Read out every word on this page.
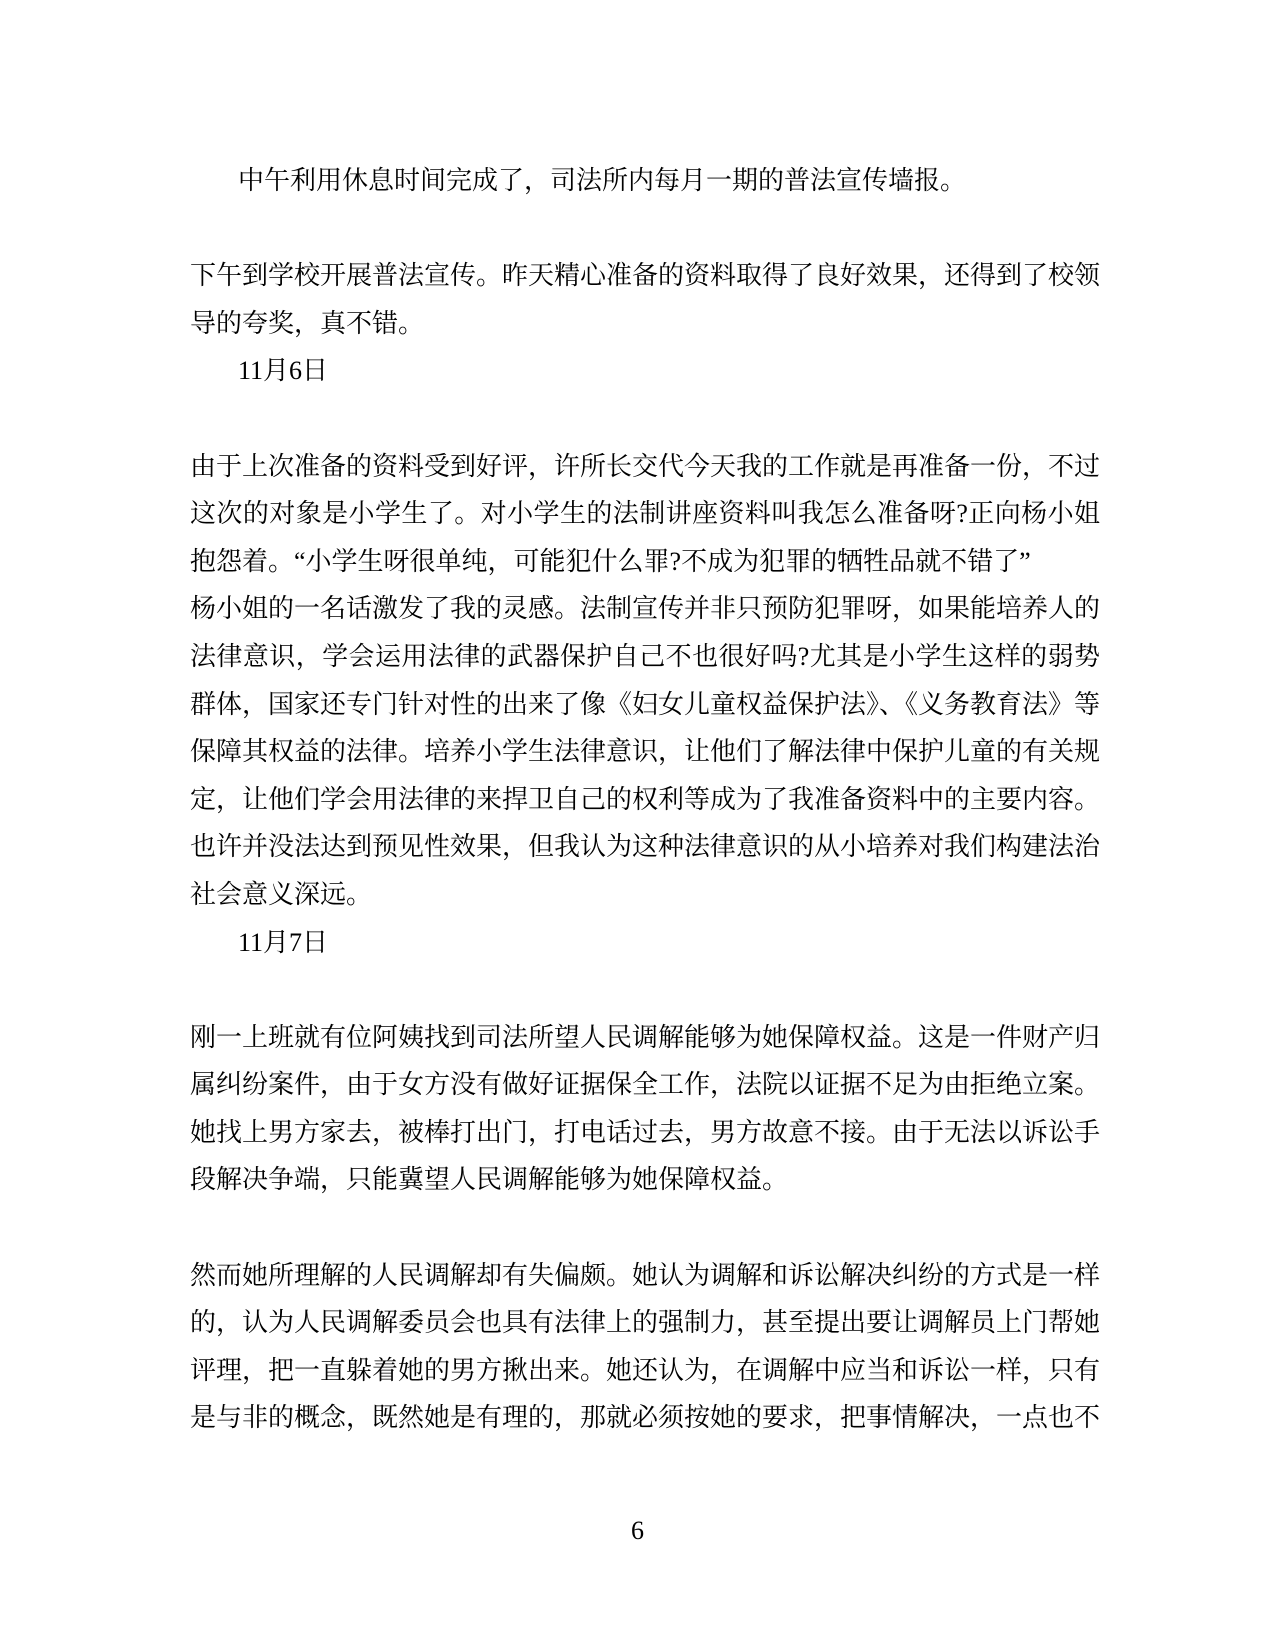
中午利用休息时间完成了，司法所内每月一期的普法宣传墙报。

下午到学校开展普法宣传。昨天精心准备的资料取得了良好效果，还得到了校领导的夸奖，真不错。

11月6日

由于上次准备的资料受到好评，许所长交代今天我的工作就是再准备一份，不过这次的对象是小学生了。对小学生的法制讲座资料叫我怎么准备呀?正向杨小姐抱怨着。“小学生呀很单纯，可能犯什么罪?不成为犯罪的牺牲品就不错了”

杨小姐的一名话激发了我的灵感。法制宣传并非只预防犯罪呀，如果能培养人的法律意识，学会运用法律的武器保护自己不也很好吗?尤其是小学生这样的弱势群体，国家还专门针对性的出来了像《妇女儿童权益保护法》、《义务教育法》等保障其权益的法律。培养小学生法律意识，让他们了解法律中保护儿童的有关规定，让他们学会用法律的来捍卫自己的权利等成为了我准备资料中的主要内容。也许并没法达到预见性效果，但我认为这种法律意识的从小培养对我们构建法治社会意义深远。

11月7日

刚一上班就有位阿姨找到司法所望人民调解能够为她保障权益。这是一件财产归属纠纷案件，由于女方没有做好证据保全工作，法院以证据不足为由拒绝立案。她找上男方家去，被棒打出门，打电话过去，男方故意不接。由于无法以诉讼手段解决争端，只能冀望人民调解能够为她保障权益。

然而她所理解的人民调解却有失偏颇。她认为调解和诉讼解决纠纷的方式是一样的，认为人民调解委员会也具有法律上的强制力，甚至提出要让调解员上门帮她评理，把一直躲着她的男方揪出来。她还认为，在调解中应当和诉讼一样，只有是与非的概念，既然她是有理的，那就必须按她的要求，把事情解决，一点也不

6
